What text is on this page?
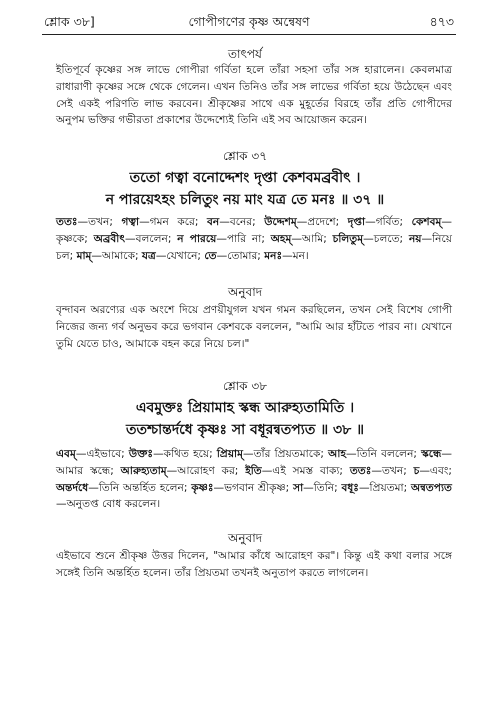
শ্লোক ৩৮]	গোপীগণের কৃষ্ণ অন্বেষণ	৪৭৩
তাৎপর্য
ইতিপূর্বে কৃষ্ণের সঙ্গ লাভে গোপীরা গর্বিতা হলে তাঁরা সহসা তাঁর সঙ্গ হারালেন। কেবলমাত্র রাধারাণী কৃষ্ণের সঙ্গে থেকে গেলেন। এখন তিনিও তাঁর সঙ্গ লাভের গর্বিতা হয়ে উঠেছেন এবং সেই একই পরিণতি লাভ করবেন। শ্রীকৃষ্ণের সাথে এক মুহূর্তের বিরহে তাঁর প্রতি গোপীদের অনুপম ভক্তির গভীরতা প্রকাশের উদ্দেশ্যেই তিনি এই সব আয়োজন করেন।
শ্লোক ৩৭
ততো গত্বা বনোদ্দেশং দৃপ্তা কেশবমব্রবীৎ ।
ন পারয়েঽহং চলিতুং নয় মাং যত্র তে মনঃ ॥ ৩৭ ॥
ততঃ—তখন; গত্বা—গমন করে; বন—বনের; উদ্দেশম্—প্রদেশে; দৃপ্তা—গর্বিত; কেশবম্—কৃষ্ণকে; অব্রবীৎ—বললেন; ন পারয়ে—পারি না; অহম্—আমি; চলিতুম্—চলতে; নয়—নিয়ে চল; মাম্—আমাকে; যত্র—যেখানে; তে—তোমার; মনঃ—মন।
অনুবাদ
বৃন্দাবন অরণ্যের এক অংশে দিয়ে প্রণয়ীযুগল যখন গমন করছিলেন, তখন সেই বিশেষ গোপী নিজের জন্য গর্ব অনুভব করে ভগবান কেশবকে বললেন, "আমি আর হাঁটতে পারব না। যেখানে তুমি যেতে চাও, আমাকে বহন করে নিয়ে চল।"
শ্লোক ৩৮
এবমুক্তঃ প্রিয়ামাহ স্কন্ধ আরুহ্যতামিতি ।
ততশ্চান্তর্দধে কৃষ্ণঃ সা বধূরন্বতপ্যত ॥ ৩৮ ॥
এবম্—এইভাবে; উক্তঃ—কথিত হয়ে; প্রিয়াম্—তাঁর প্রিয়তমাকে; আহ—তিনি বললেন; স্কন্ধে—আমার স্কন্ধে; আরুহ্যতাম্—আরোহণ কর; ইতি—এই সমস্ত বাক্য; ততঃ—তখন; চ—এবং; অন্তর্দধে—তিনি অন্তর্হিত হলেন; কৃষ্ণঃ—ভগবান শ্রীকৃষ্ণ; সা—তিনি; বধূঃ—প্রিয়তমা; অন্বতপ্যত—অনুতপ্ত বোধ করলেন।
অনুবাদ
এইভাবে শুনে শ্রীকৃষ্ণ উত্তর দিলেন, "আমার কাঁধে আরোহণ কর"। কিন্তু এই কথা বলার সঙ্গে সঙ্গেই তিনি অন্তর্হিত হলেন। তাঁর প্রিয়তমা তখনই অনুতাপ করতে লাগলেন।
